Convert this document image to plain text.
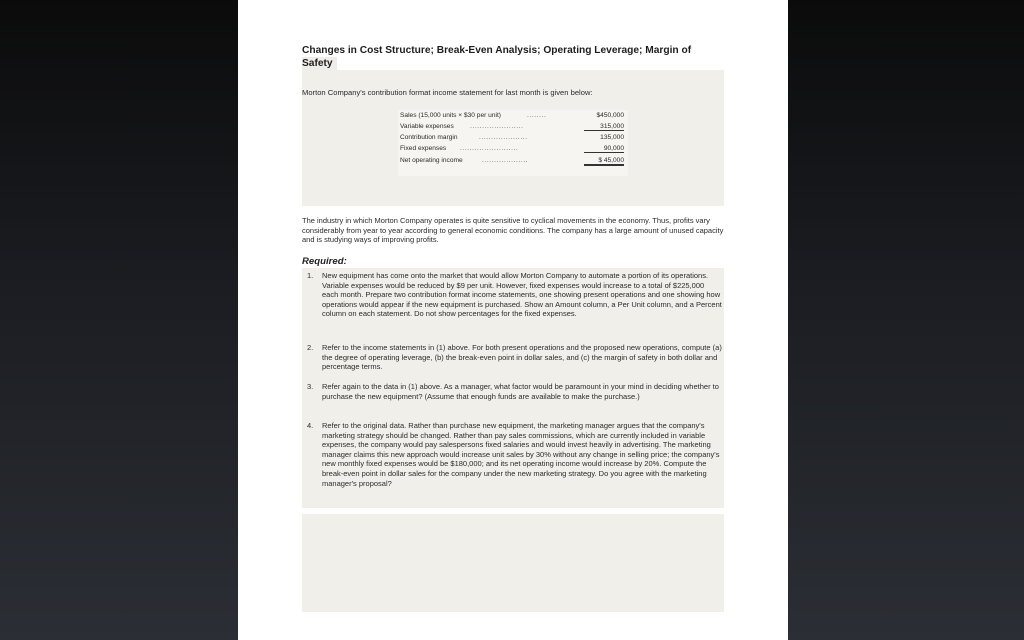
Changes in Cost Structure; Break-Even Analysis; Operating Leverage; Margin of
Safety
Morton Company's contribution format income statement for last month is given below:
Sales (15,000 units × $30 per unit)	........	$450,000
Variable expenses ......................	315,000
Contribution margin	....................	135,000
Fixed expenses ........................	90,000
Net operating income	...................	$ 45,000
The industry in which Morton Company operates is quite sensitive to cyclical movements in the economy. Thus, profits vary considerably from year to year according to general economic conditions. The company has a large amount of unused capacity and is studying ways of improving profits.
Required:
1. New equipment has come onto the market that would allow Morton Company to automate a portion of its operations. Variable expenses would be reduced by $9 per unit. However, fixed expenses would increase to a total of $225,000 each month. Prepare two contribution format income statements, one showing present operations and one showing how operations would appear if the new equipment is purchased. Show an Amount column, a Per Unit column, and a Percent column on each statement. Do not show percentages for the fixed expenses.
2. Refer to the income statements in (1) above. For both present operations and the proposed new operations, compute (a) the degree of operating leverage, (b) the break-even point in dollar sales, and (c) the margin of safety in both dollar and percentage terms.
3. Refer again to the data in (1) above. As a manager, what factor would be paramount in your mind in deciding whether to purchase the new equipment? (Assume that enough funds are available to make the purchase.)
4. Refer to the original data. Rather than purchase new equipment, the marketing manager argues that the company's marketing strategy should be changed. Rather than pay sales commissions, which are currently included in variable expenses, the company would pay salespersons fixed salaries and would invest heavily in advertising. The marketing manager claims this new approach would increase unit sales by 30% without any change in selling price; the company's new monthly fixed expenses would be $180,000; and its net operating income would increase by 20%. Compute the break-even point in dollar sales for the company under the new marketing strategy. Do you agree with the marketing manager's proposal?
